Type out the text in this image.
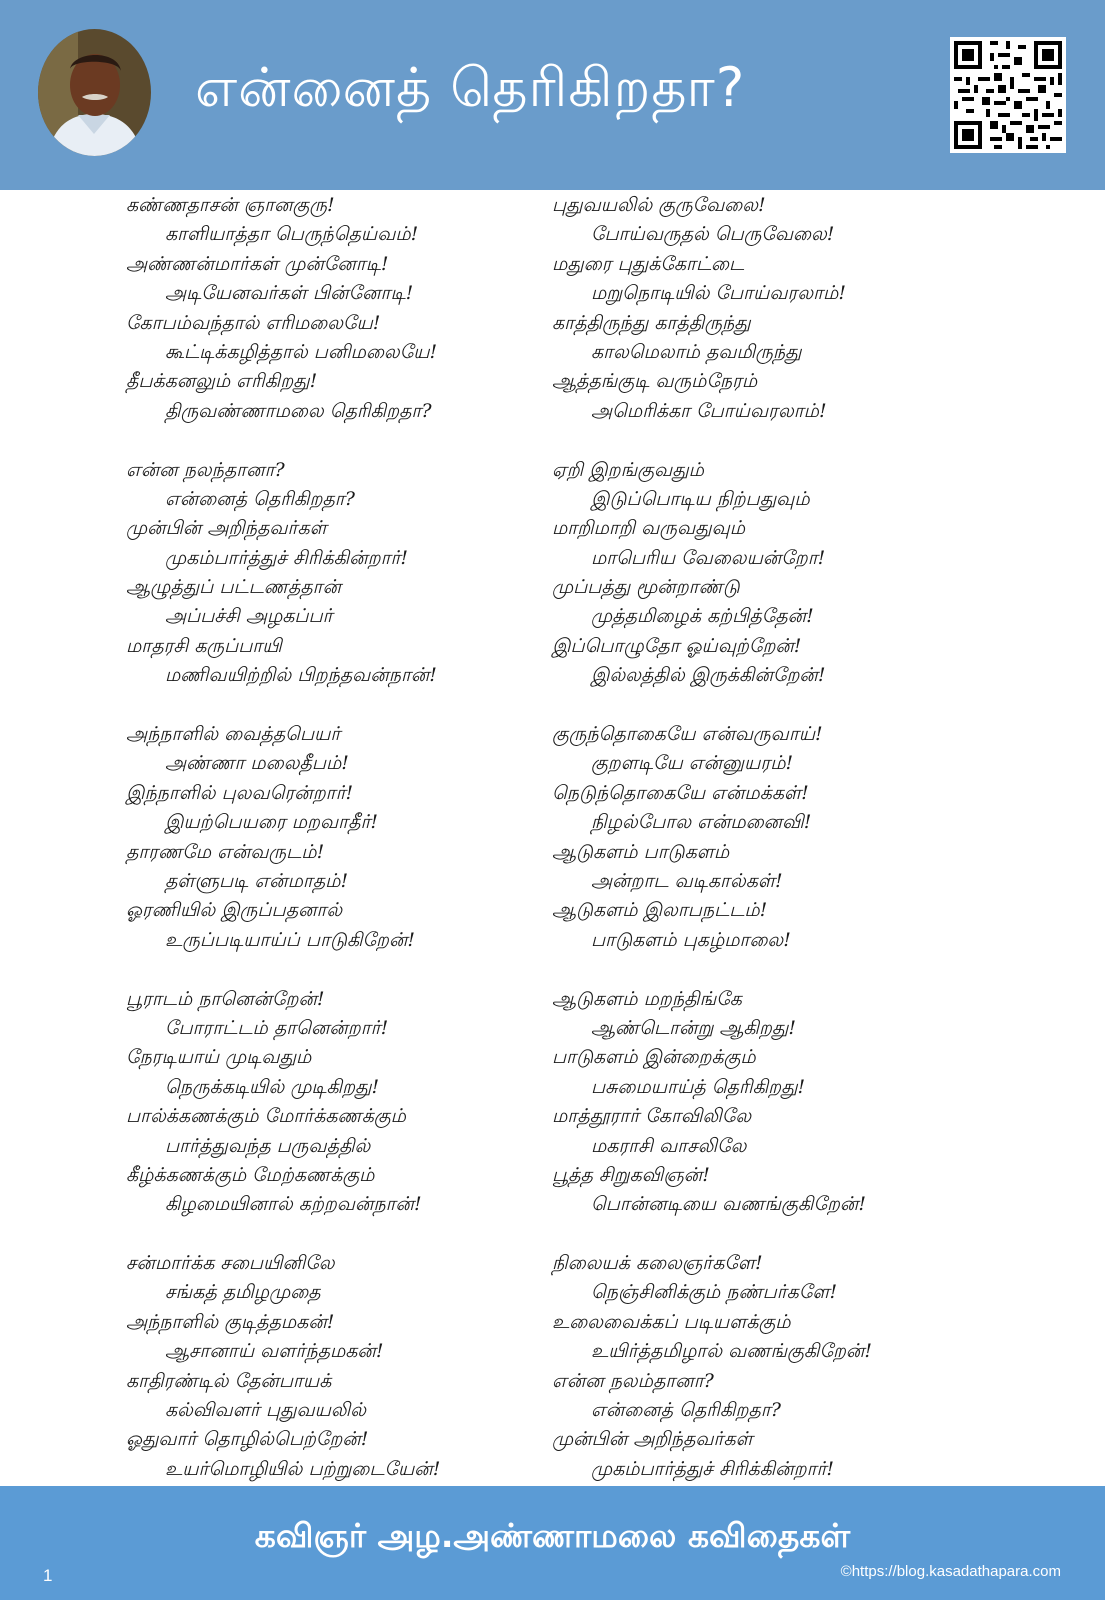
என்னைத் தெரிகிறதா?
கண்ணதாசன் ஞானகுரு!
காளியாத்தா பெருந்தெய்வம்!
அண்ணன்மார்கள் முன்னோடி!
அடியேனவர்கள் பின்னோடி!
கோபம்வந்தால் எரிமலையே!
கூட்டிக்கழித்தால் பனிமலையே!
தீபக்கனலும் எரிகிறது!
திருவண்ணாமலை தெரிகிறதா?
என்ன நலந்தானா?
என்னைத் தெரிகிறதா?
முன்பின் அறிந்தவர்கள்
முகம்பார்த்துச் சிரிக்கின்றார்!
ஆழுத்துப் பட்டணத்தான்
அப்பச்சி அழகப்பர்
மாதரசி கருப்பாயி
மணிவயிற்றில் பிறந்தவன்நான்!
அந்நாளில் வைத்தபெயர்
அண்ணா மலைதீபம்!
இந்நாளில் புலவரென்றார்!
இயற்பெயரை மறவாதீர்!
தாரணமே என்வருடம்!
தள்ளுபடி என்மாதம்!
ஓரணியில் இருப்பதனால்
உருப்படியாய்ப் பாடுகிறேன்!
பூராடம் நானென்றேன்!
போராட்டம் தானென்றார்!
நேரடியாய் முடிவதும்
நெருக்கடியில் முடிகிறது!
பால்க்கணக்கும் மோர்க்கணக்கும்
பார்த்துவந்த பருவத்தில்
கீழ்க்கணக்கும் மேற்கணக்கும்
கிழமையினால் கற்றவன்நான்!
சன்மார்க்க சபையினிலே
சங்கத் தமிழமுதை
அந்நாளில் குடித்தமகன்!
ஆசானாய் வளர்ந்தமகன்!
காதிரண்டில் தேன்பாயக்
கல்விவளர் புதுவயலில்
ஓதுவார் தொழில்பெற்றேன்!
உயர்மொழியில் பற்றுடையேன்!
புதுவயலில் குருவேலை!
போய்வருதல் பெருவேலை!
மதுரை புதுக்கோட்டை
மறுநொடியில் போய்வரலாம்!
காத்திருந்து காத்திருந்து
காலமெலாம் தவமிருந்து
ஆத்தங்குடி வரும்நேரம்
அமெரிக்கா போய்வரலாம்!
ஏறி இறங்குவதும்
இடுப்பொடிய நிற்பதுவும்
மாறிமாறி வருவதுவும்
மாபெரிய வேலையன்றோ!
முப்பத்து மூன்றாண்டு
முத்தமிழைக் கற்பித்தேன்!
இப்பொழுதோ ஓய்வுற்றேன்!
இல்லத்தில் இருக்கின்றேன்!
குருந்தொகையே என்வருவாய்!
குறளடியே என்னுயரம்!
நெடுந்தொகையே என்மக்கள்!
நிழல்போல என்மனைவி!
ஆடுகளம் பாடுகளம்
அன்றாட வடிகால்கள்!
ஆடுகளம் இலாபநட்டம்!
பாடுகளம் புகழ்மாலை!
ஆடுகளம் மறந்திங்கே
ஆண்டொன்று ஆகிறது!
பாடுகளம் இன்றைக்கும்
பசுமையாய்த் தெரிகிறது!
மாத்தூரார் கோவிலிலே
மகராசி வாசலிலே
பூத்த சிறுகவிஞன்!
பொன்னடியை வணங்குகிறேன்!
நிலையக் கலைஞர்களே!
நெஞ்சினிக்கும் நண்பர்களே!
உலைவைக்கப் படியளக்கும்
உயிர்த்தமிழால் வணங்குகிறேன்!
என்ன நலம்தானா?
என்னைத் தெரிகிறதா?
முன்பின் அறிந்தவர்கள்
முகம்பார்த்துச் சிரிக்கின்றார்!
கவிஞர் அழ.அண்ணாமலை கவிதைகள்
1	©https://blog.kasadathapara.com
